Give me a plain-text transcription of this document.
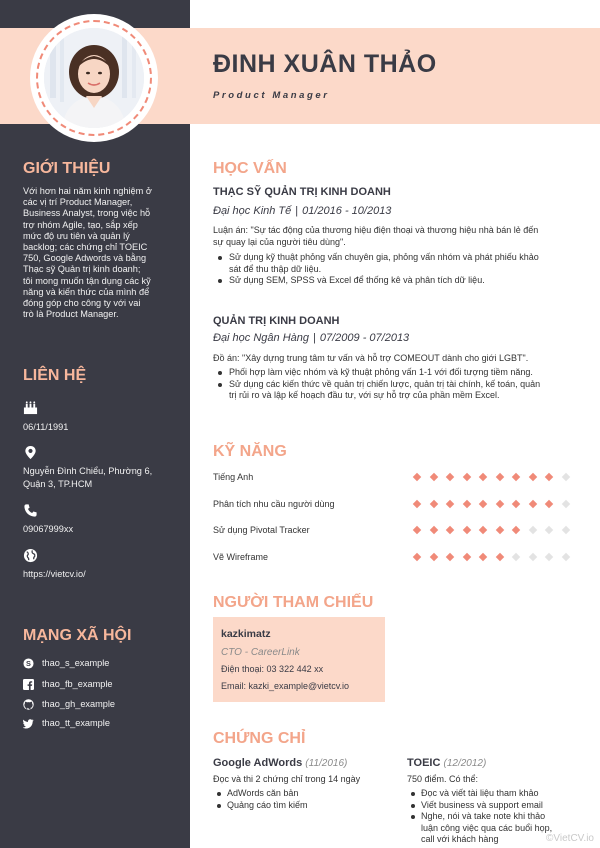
ĐINH XUÂN THẢO
Product Manager
GIỚI THIỆU
Với hơn hai năm kinh nghiệm ở
các vị trí Product Manager,
Business Analyst, trong việc hỗ
trợ nhóm Agile, tạo, sắp xếp
mức độ ưu tiên và quản lý
backlog; các chứng chỉ TOEIC
750, Google Adwords và bằng
Thạc sỹ Quản trị kinh doanh;
tôi mong muốn tận dụng các kỹ
năng và kiến thức của mình để
đóng góp cho công ty với vai
trò là Product Manager.
LIÊN HỆ
06/11/1991
Nguyễn Đình Chiểu, Phường 6,
Quận 3, TP.HCM
09067999xx
https://vietcv.io/
MẠNG XÃ HỘI
S thao_s_example
thao_fb_example
thao_gh_example
thao_tt_example
HỌC VẤN
THẠC SỸ QUẢN TRỊ KINH DOANH
Đại học Kinh Tế | 01/2016 - 10/2013
Luận án: "Sự tác động của thương hiệu điện thoại và thương hiệu nhà bán lẻ đến
sự quay lại của người tiêu dùng".
Sử dụng kỹ thuật phỏng vấn chuyên gia, phỏng vấn nhóm và phát phiếu khảo
sát để thu thập dữ liệu.
Sử dụng SEM, SPSS và Excel để thống kê và phân tích dữ liệu.
QUẢN TRỊ KINH DOANH
Đại học Ngân Hàng | 07/2009 - 07/2013
Đồ án: "Xây dựng trung tâm tư vấn và hỗ trợ COMEOUT dành cho giới LGBT".
Phối hợp làm việc nhóm và kỹ thuật phỏng vấn 1-1 với đối tượng tiềm năng.
Sử dụng các kiến thức về quản trị chiến lược, quản trị tài chính, kế toán, quản
trị rủi ro và lập kế hoạch đầu tư, với sự hỗ trợ của phần mềm Excel.
KỸ NĂNG
Tiếng Anh
Phân tích nhu cầu người dùng
Sử dụng Pivotal Tracker
Vẽ Wireframe
NGƯỜI THAM CHIẾU
kazkimatz
CTO - CareerLink
Điện thoại: 03 322 442 xx
Email: kazki_example@vietcv.io
CHỨNG CHỈ
Google AdWords (11/2016)
Đọc và thi 2 chứng chỉ trong 14 ngày
AdWords căn bản
Quảng cáo tìm kiếm
TOEIC (12/2012)
750 điểm. Có thể:
Đọc và viết tài liệu tham khảo
Viết business và support email
Nghe, nói và take note khi thảo
luận công việc qua các buổi họp,
call với khách hàng	©VietCV.io
